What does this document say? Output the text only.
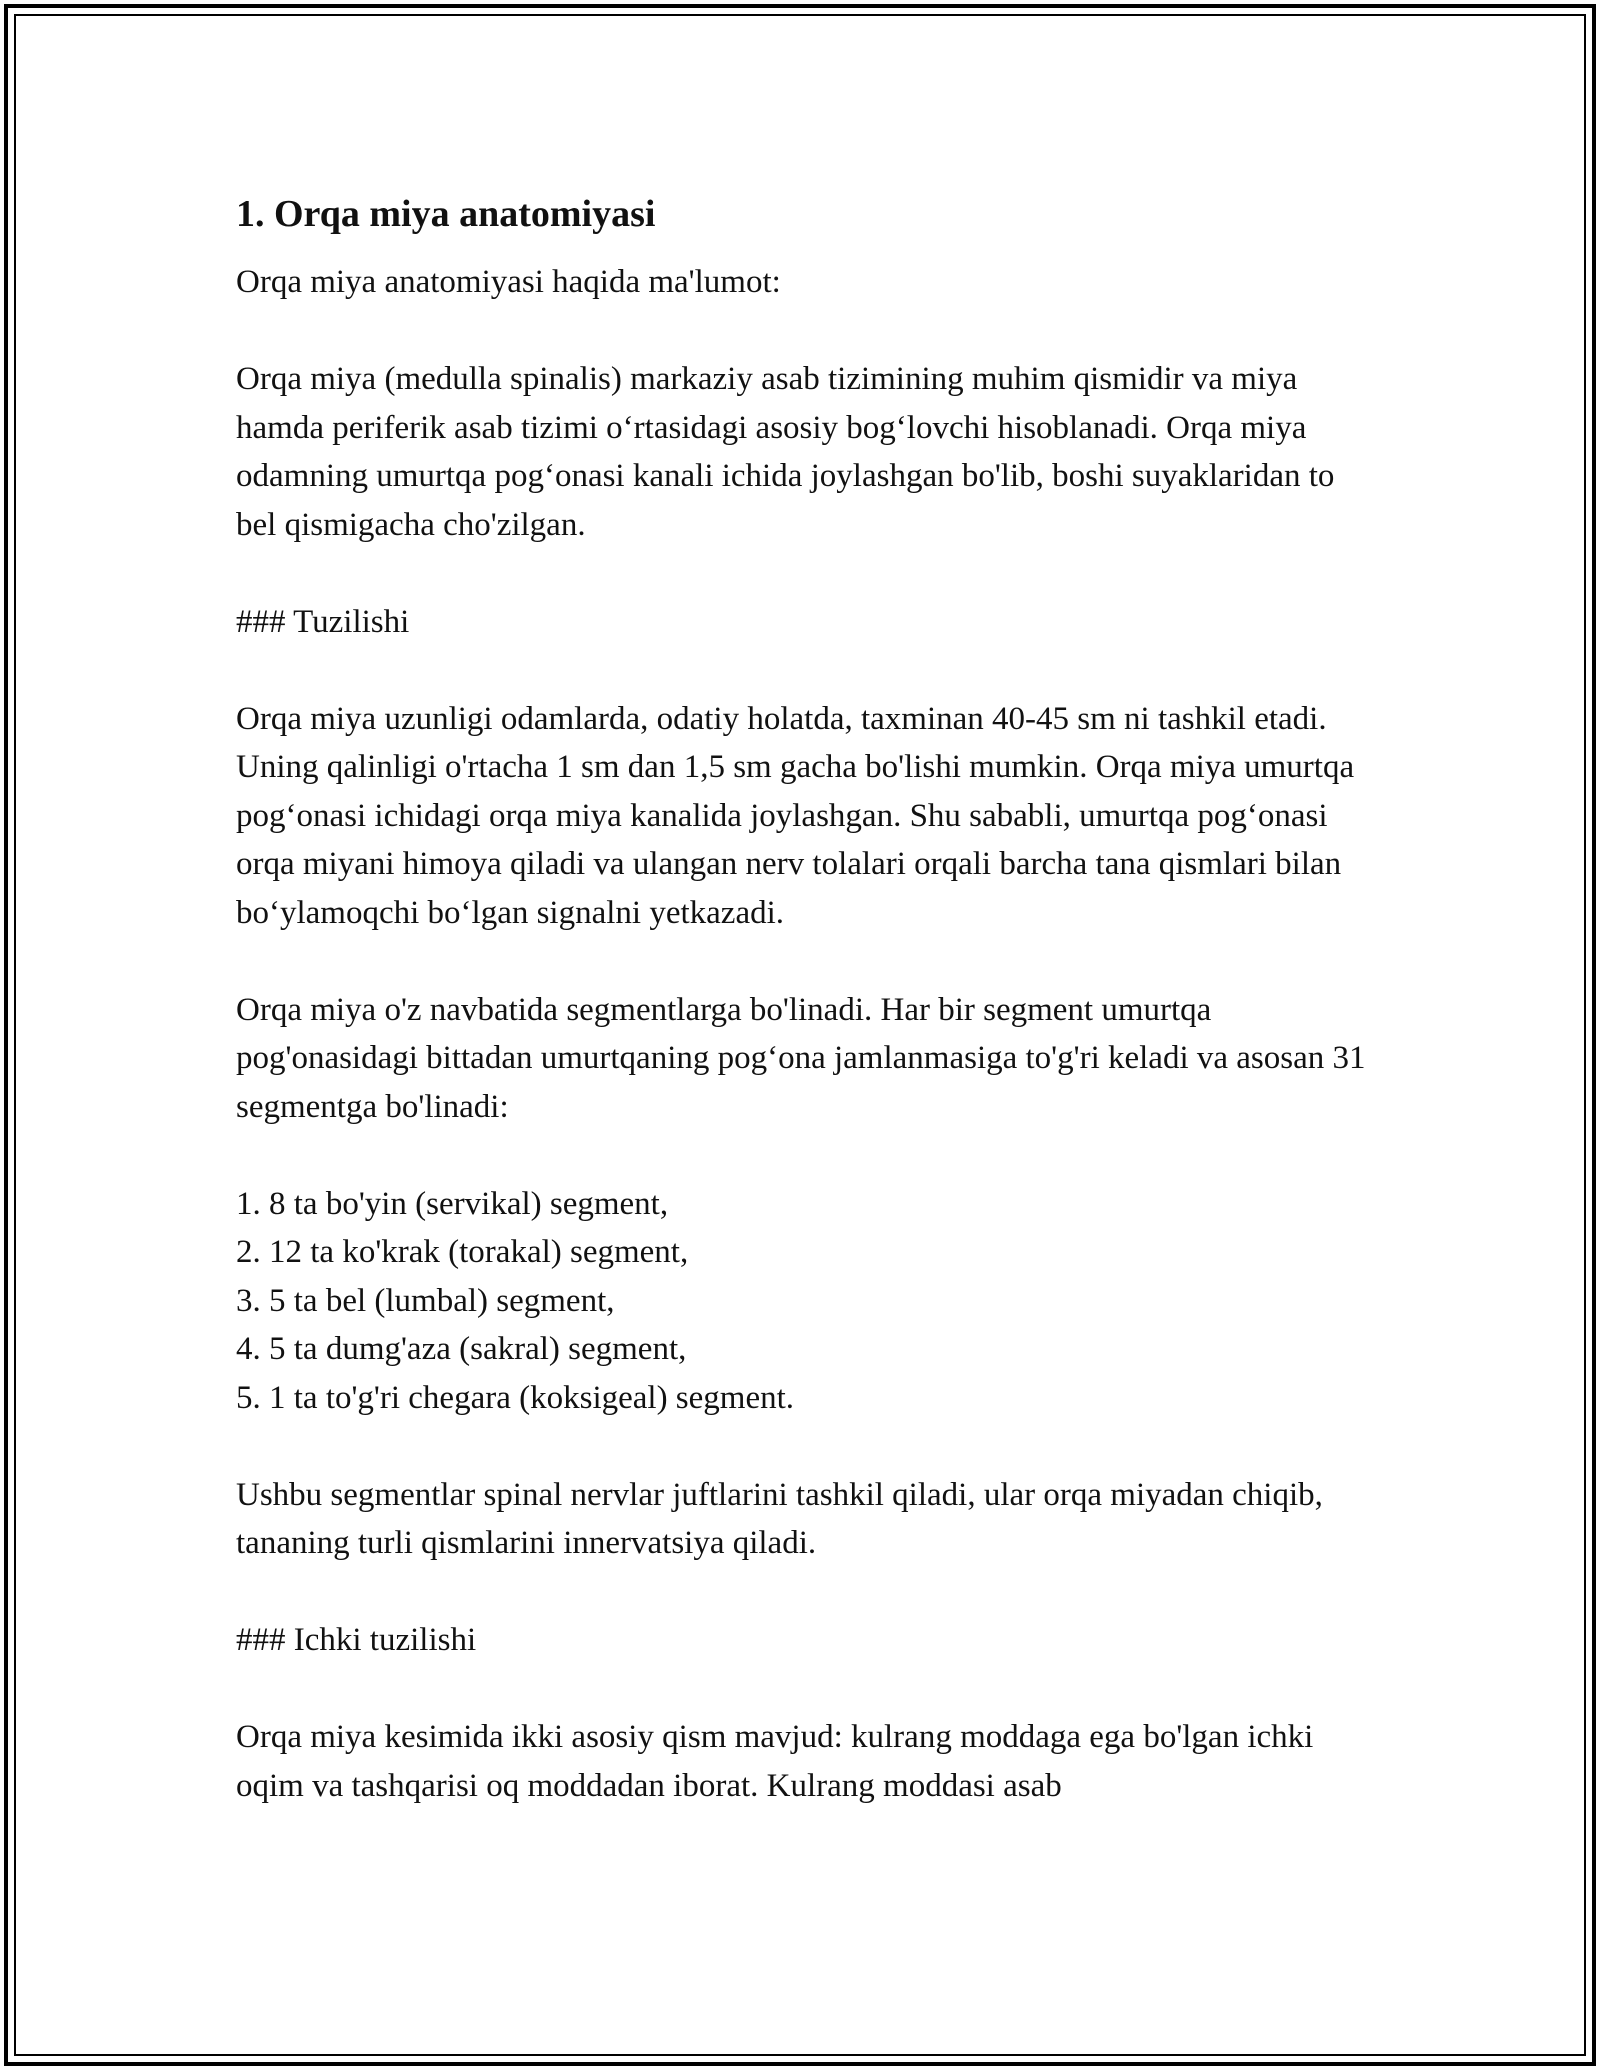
1. Orqa miya anatomiyasi

Orqa miya anatomiyasi haqida ma'lumot:

Orqa miya (medulla spinalis) markaziy asab tizimining muhim qismidir va miya hamda periferik asab tizimi oʻrtasidagi asosiy bogʻlovchi hisoblanadi. Orqa miya odamning umurtqa pogʻonasi kanali ichida joylashgan bo'lib, boshi suyaklaridan to bel qismigacha cho'zilgan.

### Tuzilishi

Orqa miya uzunligi odamlarda, odatiy holatda, taxminan 40-45 sm ni tashkil etadi. Uning qalinligi o'rtacha 1 sm dan 1,5 sm gacha bo'lishi mumkin. Orqa miya umurtqa pogʻonasi ichidagi orqa miya kanalida joylashgan. Shu sababli, umurtqa pogʻonasi orqa miyani himoya qiladi va ulangan nerv tolalari orqali barcha tana qismlari bilan boʻylamoqchi boʻlgan signalni yetkazadi.

Orqa miya o'z navbatida segmentlarga bo'linadi. Har bir segment umurtqa pog'onasidagi bittadan umurtqaning pogʻona jamlanmasiga to'g'ri keladi va asosan 31 segmentga bo'linadi:

1. 8 ta bo'yin (servikal) segment,
2. 12 ta ko'krak (torakal) segment,
3. 5 ta bel (lumbal) segment,
4. 5 ta dumg'aza (sakral) segment,
5. 1 ta to'g'ri chegara (koksigeal) segment.

Ushbu segmentlar spinal nervlar juftlarini tashkil qiladi, ular orqa miyadan chiqib, tananing turli qismlarini innervatsiya qiladi.

### Ichki tuzilishi

Orqa miya kesimida ikki asosiy qism mavjud: kulrang moddaga ega bo'lgan ichki oqim va tashqarisi oq moddadan iborat. Kulrang moddasi asab
